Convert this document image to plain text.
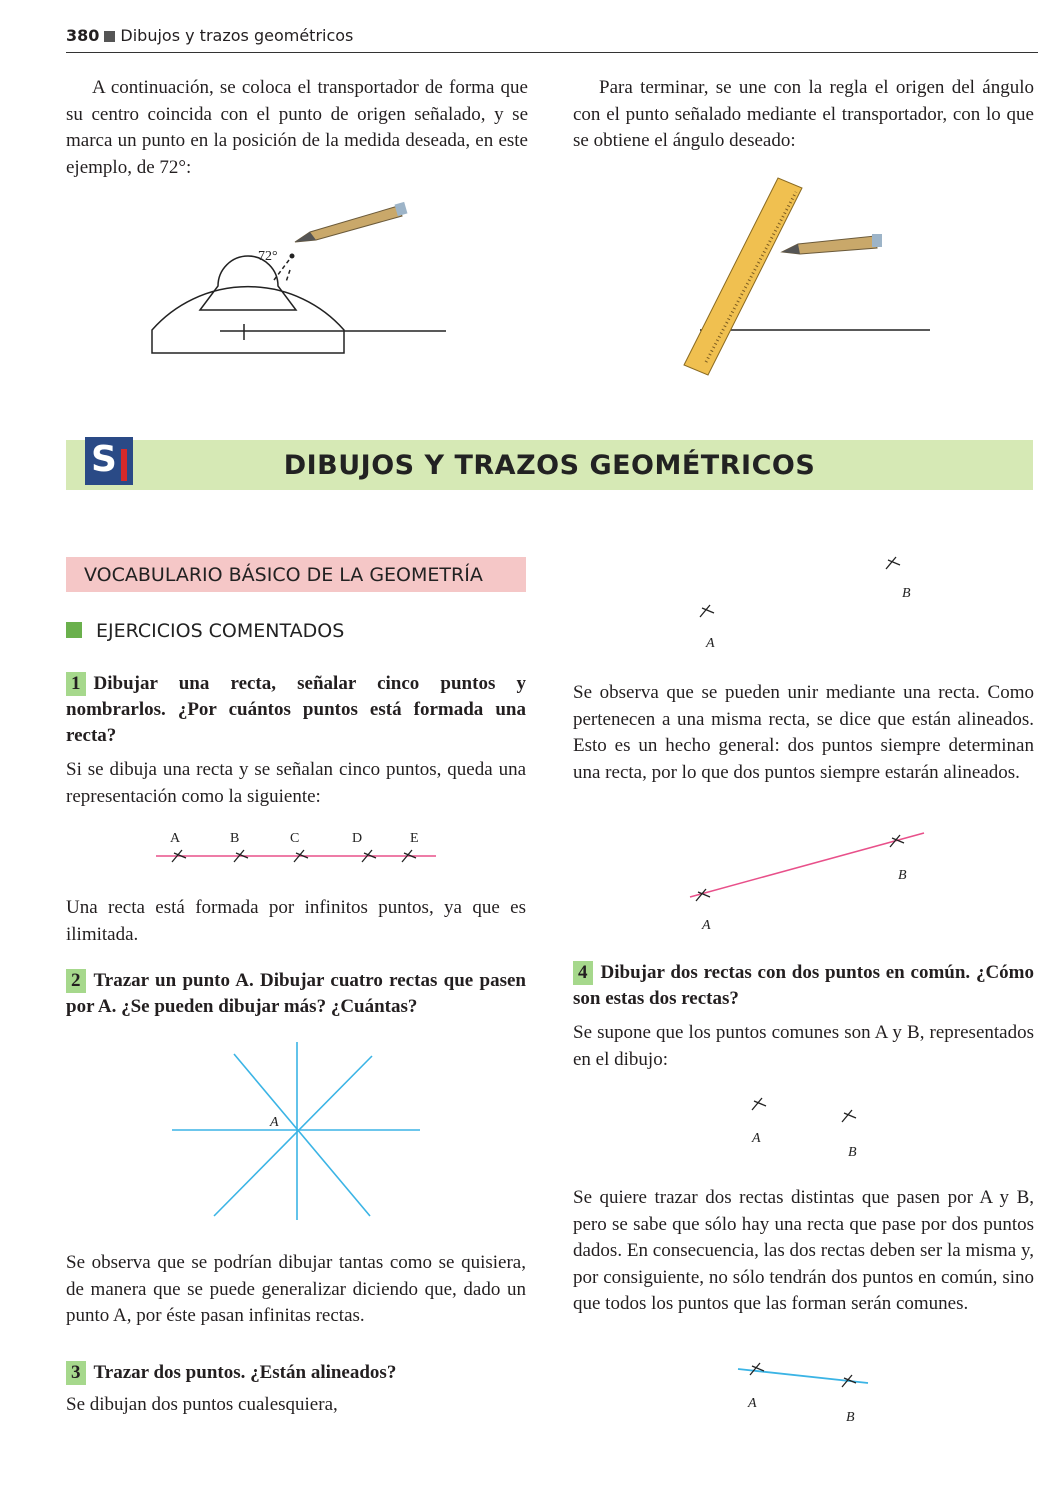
380 Dibujos y trazos geométricos

A continuación, se coloca el transportador de forma que su centro coincida con el punto de origen señalado, y se marca un punto en la posición de la medida deseada, en este ejemplo, de 72°:

Para terminar, se une con la regla el origen del ángulo con el punto señalado mediante el transportador, con lo que se obtiene el ángulo deseado:

72°
S	DIBUJOS Y TRAZOS GEOMÉTRICOS
VOCABULARIO BÁSICO DE LA GEOMETRÍA
EJERCICIOS COMENTADOS

1 Dibujar una recta, señalar cinco puntos y nombrarlos. ¿Por cuántos puntos está formada una recta?

Si se dibuja una recta y se señalan cinco puntos, queda una representación como la siguiente:

A	B	C	D	E

Una recta está formada por infinitos puntos, ya que es ilimitada.

2 Trazar un punto A. Dibujar cuatro rectas que pasen por A. ¿Se pueden dibujar más? ¿Cuántas?

A

Se observa que se podrían dibujar tantas como se quisiera, de manera que se puede generalizar diciendo que, dado un punto A, por éste pasan infinitas rectas.

3 Trazar dos puntos. ¿Están alineados?

Se dibujan dos puntos cualesquiera,

B
A

Se observa que se pueden unir mediante una recta. Como pertenecen a una misma recta, se dice que están alineados. Esto es un hecho general: dos puntos siempre determinan una recta, por lo que dos puntos siempre estarán alineados.

B
A

4 Dibujar dos rectas con dos puntos en común. ¿Cómo son estas dos rectas?

Se supone que los puntos comunes son A y B, representados en el dibujo:

A
B

Se quiere trazar dos rectas distintas que pasen por A y B, pero se sabe que sólo hay una recta que pase por dos puntos dados. En consecuencia, las dos rectas deben ser la misma y, por consiguiente, no sólo tendrán dos puntos en común, sino que todos los puntos que las forman serán comunes.

A
B
